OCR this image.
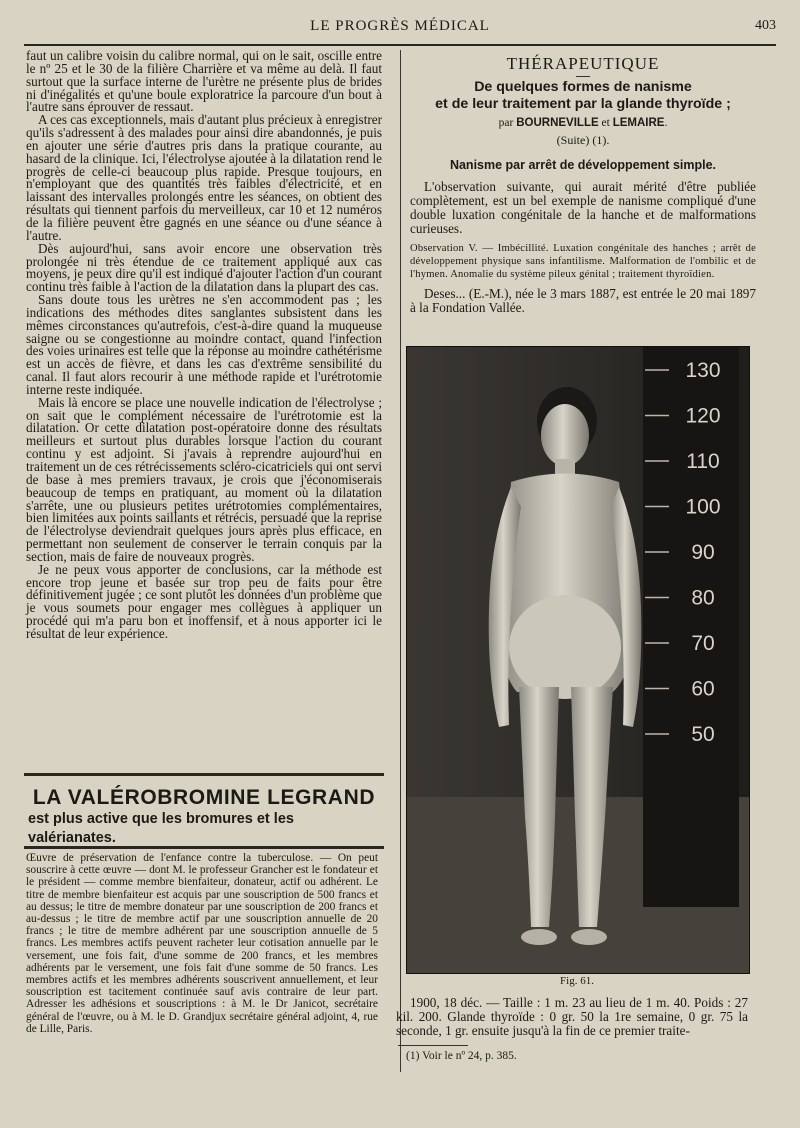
LE PROGRÈS MÉDICAL	403

faut un calibre voisin du calibre normal, qui on le sait, oscille entre le nº 25 et le 30 de la filière Charrière et va même au delà. Il faut surtout que la surface interne de l'urètre ne présente plus de brides ni d'inégalités et qu'une boule exploratrice la parcoure d'un bout à l'autre sans éprouver de ressaut.

A ces cas exceptionnels, mais d'autant plus précieux à enregistrer qu'ils s'adressent à des malades pour ainsi dire abandonnés, je puis en ajouter une série d'autres pris dans la pratique courante, au hasard de la clinique. Ici, l'électrolyse ajoutée à la dilatation rend le progrès de celle-ci beaucoup plus rapide. Presque toujours, en n'employant que des quantités très faibles d'électricité, et en laissant des intervalles prolongés entre les séances, on obtient des résultats qui tiennent parfois du merveilleux, car 10 et 12 numéros de la filière peuvent être gagnés en une séance ou d'une séance à l'autre.

Dès aujourd'hui, sans avoir encore une observation très prolongée ni très étendue de ce traitement appliqué aux cas moyens, je peux dire qu'il est indiqué d'ajouter l'action d'un courant continu très faible à l'action de la dilatation dans la plupart des cas.

Sans doute tous les urètres ne s'en accommodent pas ; les indications des méthodes dites sanglantes subsistent dans les mêmes circonstances qu'autrefois, c'est-à-dire quand la muqueuse saigne ou se congestionne au moindre contact, quand l'infection des voies urinaires est telle que la réponse au moindre cathétérisme est un accès de fièvre, et dans les cas d'extrême sensibilité du canal. Il faut alors recourir à une méthode rapide et l'urétrotomie interne reste indiquée.

Mais là encore se place une nouvelle indication de l'électrolyse ; on sait que le complément nécessaire de l'urétrotomie est la dilatation. Or cette dilatation post-opératoire donne des résultats meilleurs et surtout plus durables lorsque l'action du courant continu y est adjoint. Si j'avais à reprendre aujourd'hui en traitement un de ces rétrécissements scléro-cicatriciels qui ont servi de base à mes premiers travaux, je crois que j'économiserais beaucoup de temps en pratiquant, au moment où la dilatation s'arrête, une ou plusieurs petites urétrotomies complémentaires, bien limitées aux points saillants et rétrécis, persuadé que la reprise de l'électrolyse deviendrait quelques jours après plus efficace, en permettant non seulement de conserver le terrain conquis par la section, mais de faire de nouveaux progrès.

Je ne peux vous apporter de conclusions, car la méthode est encore trop jeune et basée sur trop peu de faits pour être définitivement jugée ; ce sont plutôt les données d'un problème que je vous soumets pour engager mes collègues à appliquer un procédé qui m'a paru bon et inoffensif, et à nous apporter ici le résultat de leur expérience.

LA VALÉROBROMINE LEGRAND
est plus active que les bromures et les valérianates.
Œuvre de préservation de l'enfance contre la tuberculose. — On peut souscrire à cette œuvre — dont M. le professeur Grancher est le fondateur et le président — comme membre bienfaiteur, donateur, actif ou adhérent. Le titre de membre bienfaiteur est acquis par une souscription de 500 francs et au dessus; le titre de membre donateur par une souscription de 200 francs et au-dessus ; le titre de membre actif par une souscription annuelle de 20 francs ; le titre de membre adhérent par une souscription annuelle de 5 francs. Les membres actifs peuvent racheter leur cotisation annuelle par le versement, une fois fait, d'une somme de 200 francs, et les membres adhérents par le versement, une fois fait d'une somme de 50 francs. Les membres actifs et les membres adhérents souscrivent annuellement, et leur souscription est tacitement continuée sauf avis contraire de leur part. Adresser les adhésions et souscriptions : à M. le Dr Janicot, secrétaire général de l'œuvre, ou à M. le D. Grandjux secrétaire général adjoint, 4, rue de Lille, Paris.
THÉRAPEUTIQUE
De quelques formes de nanisme
et de leur traitement par la glande thyroïde ;
par BOURNEVILLE et LEMAIRE.
(Suite) (1).
Nanisme par arrêt de développement simple.

L'observation suivante, qui aurait mérité d'être publiée complètement, est un bel exemple de nanisme compliqué d'une double luxation congénitale de la hanche et de malformations curieuses.

Observation V. — Imbécillité. Luxation congénitale des hanches ; arrêt de développement physique sans infantilisme. Malformation de l'ombilic et de l'hymen. Anomalie du système pileux génital ; traitement thyroïdien.

Deses... (E.-M.), née le 3 mars 1887, est entrée le 20 mai 1897 à la Fondation Vallée.

130
120
110
100
90
80
70
60
50
Fig. 61.

1900, 18 déc. — Taille : 1 m. 23 au lieu de 1 m. 40. Poids : 27 kil. 200. Glande thyroïde : 0 gr. 50 la 1re semaine, 0 gr. 75 la seconde, 1 gr. ensuite jusqu'à la fin de ce premier traite-

(1) Voir le nº 24, p. 385.
